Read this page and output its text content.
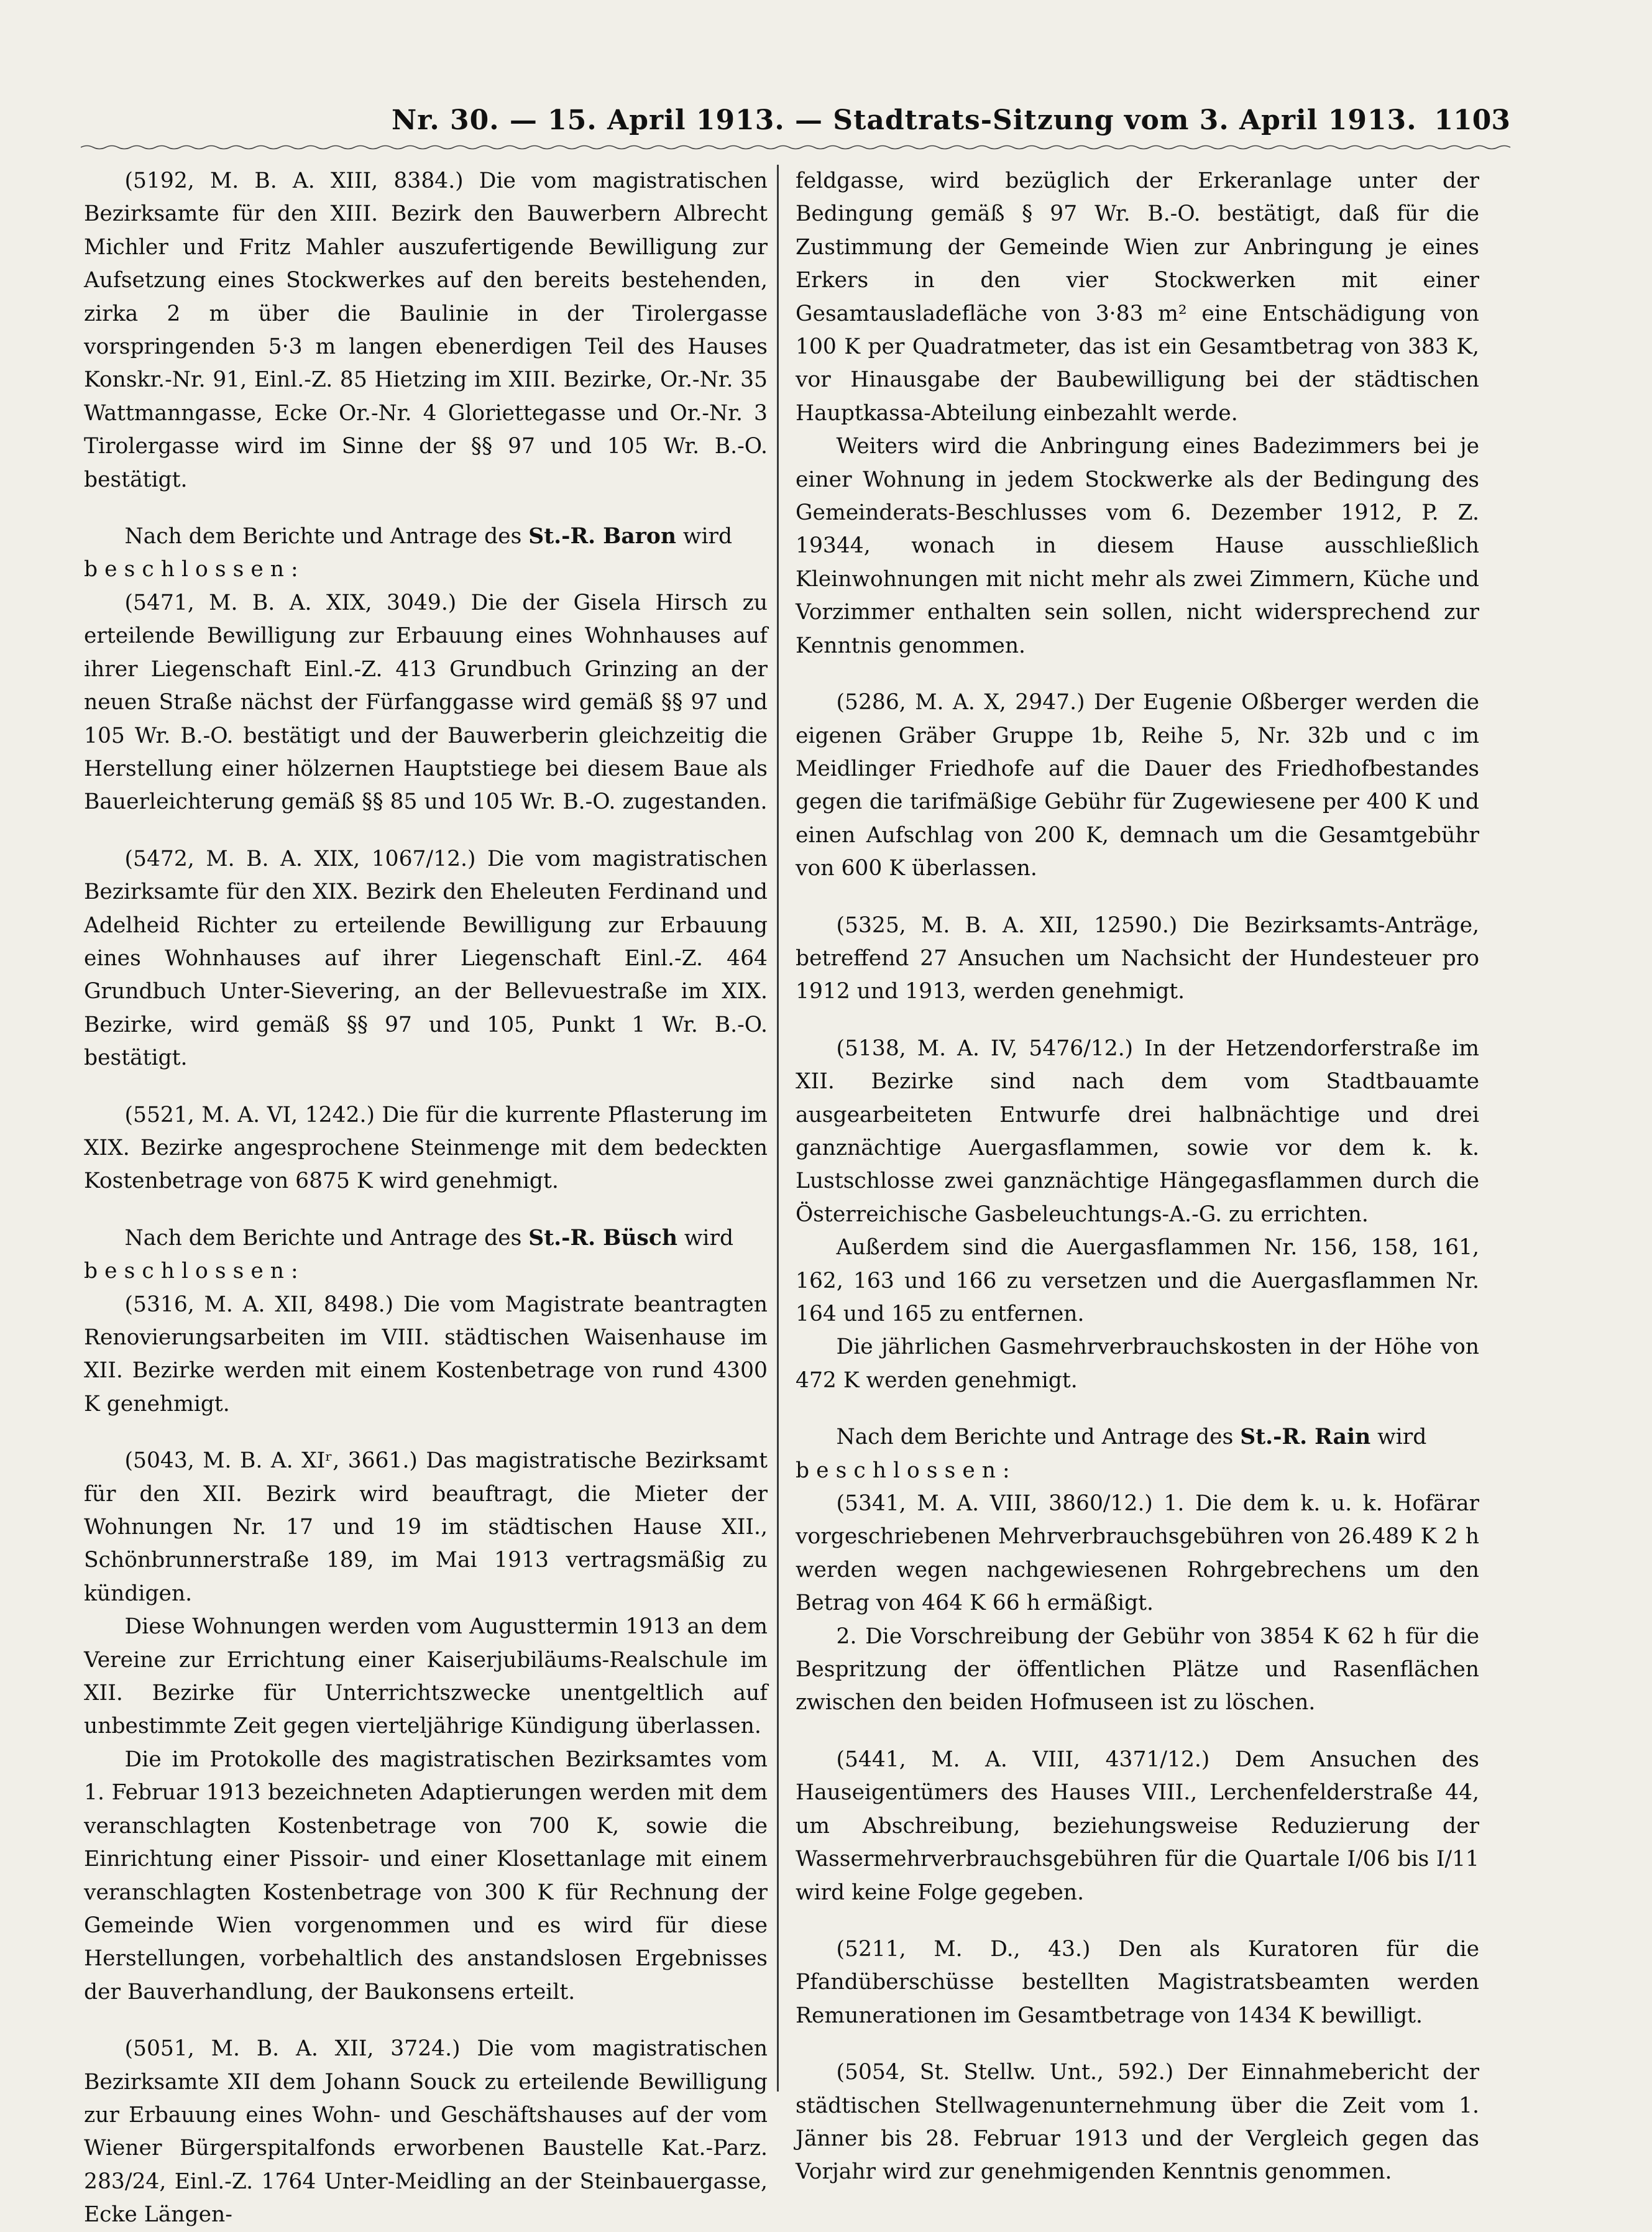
Nr. 30. — 15. April 1913. — Stadtrats-Sitzung vom 3. April 1913. 1103

(5192, M. B. A. XIII, 8384.) Die vom magistratischen Bezirksamte für den XIII. Bezirk den Bauwerbern Albrecht Michler und Fritz Mahler auszufertigende Bewilligung zur Aufsetzung eines Stockwerkes auf den bereits bestehenden, zirka 2 m über die Baulinie in der Tirolergasse vorspringenden 5·3 m langen ebenerdigen Teil des Hauses Konskr.-Nr. 91, Einl.-Z. 85 Hietzing im XIII. Bezirke, Or.-Nr. 35 Wattmanngasse, Ecke Or.-Nr. 4 Gloriettegasse und Or.-Nr. 3 Tirolergasse wird im Sinne der §§ 97 und 105 Wr. B.-O. bestätigt.

Nach dem Berichte und Antrage des St.-R. Baron wird

beschlossen:

(5471, M. B. A. XIX, 3049.) Die der Gisela Hirsch zu erteilende Bewilligung zur Erbauung eines Wohnhauses auf ihrer Liegenschaft Einl.-Z. 413 Grundbuch Grinzing an der neuen Straße nächst der Fürfanggasse wird gemäß §§ 97 und 105 Wr. B.-O. bestätigt und der Bauwerberin gleichzeitig die Herstellung einer hölzernen Hauptstiege bei diesem Baue als Bauerleichterung gemäß §§ 85 und 105 Wr. B.-O. zugestanden.

(5472, M. B. A. XIX, 1067/12.) Die vom magistratischen Bezirksamte für den XIX. Bezirk den Eheleuten Ferdinand und Adelheid Richter zu erteilende Bewilligung zur Erbauung eines Wohnhauses auf ihrer Liegenschaft Einl.-Z. 464 Grundbuch Unter-Sievering, an der Bellevuestraße im XIX. Bezirke, wird gemäß §§ 97 und 105, Punkt 1 Wr. B.-O. bestätigt.

(5521, M. A. VI, 1242.) Die für die kurrente Pflasterung im XIX. Bezirke angesprochene Steinmenge mit dem bedeckten Kostenbetrage von 6875 K wird genehmigt.

Nach dem Berichte und Antrage des St.-R. Büsch wird

beschlossen:

(5316, M. A. XII, 8498.) Die vom Magistrate beantragten Renovierungsarbeiten im VIII. städtischen Waisenhause im XII. Bezirke werden mit einem Kostenbetrage von rund 4300 K genehmigt.

(5043, M. B. A. XIʳ, 3661.) Das magistratische Bezirksamt für den XII. Bezirk wird beauftragt, die Mieter der Wohnungen Nr. 17 und 19 im städtischen Hause XII., Schönbrunnerstraße 189, im Mai 1913 vertragsmäßig zu kündigen.

Diese Wohnungen werden vom Augusttermin 1913 an dem Vereine zur Errichtung einer Kaiserjubiläums-Realschule im XII. Bezirke für Unterrichtszwecke unentgeltlich auf unbestimmte Zeit gegen vierteljährige Kündigung überlassen.

Die im Protokolle des magistratischen Bezirksamtes vom 1. Februar 1913 bezeichneten Adaptierungen werden mit dem veranschlagten Kostenbetrage von 700 K, sowie die Einrichtung einer Pissoir- und einer Klosettanlage mit einem veranschlagten Kostenbetrage von 300 K für Rechnung der Gemeinde Wien vorgenommen und es wird für diese Herstellungen, vorbehaltlich des anstandslosen Ergebnisses der Bauverhandlung, der Baukonsens erteilt.

(5051, M. B. A. XII, 3724.) Die vom magistratischen Bezirksamte XII dem Johann Souck zu erteilende Bewilligung zur Erbauung eines Wohn- und Geschäftshauses auf der vom Wiener Bürgerspitalfonds erworbenen Baustelle Kat.-Parz. 283/24, Einl.-Z. 1764 Unter-Meidling an der Steinbauergasse, Ecke Längen-

feldgasse, wird bezüglich der Erkeranlage unter der Bedingung gemäß § 97 Wr. B.-O. bestätigt, daß für die Zustimmung der Gemeinde Wien zur Anbringung je eines Erkers in den vier Stockwerken mit einer Gesamtausladefläche von 3·83 m² eine Entschädigung von 100 K per Quadratmeter, das ist ein Gesamtbetrag von 383 K, vor Hinausgabe der Baubewilligung bei der städtischen Hauptkassa-Abteilung einbezahlt werde.

Weiters wird die Anbringung eines Badezimmers bei je einer Wohnung in jedem Stockwerke als der Bedingung des Gemeinderats-Beschlusses vom 6. Dezember 1912, P. Z. 19344, wonach in diesem Hause ausschließlich Kleinwohnungen mit nicht mehr als zwei Zimmern, Küche und Vorzimmer enthalten sein sollen, nicht widersprechend zur Kenntnis genommen.

(5286, M. A. X, 2947.) Der Eugenie Oßberger werden die eigenen Gräber Gruppe 1b, Reihe 5, Nr. 32b und c im Meidlinger Friedhofe auf die Dauer des Friedhofbestandes gegen die tarifmäßige Gebühr für Zugewiesene per 400 K und einen Aufschlag von 200 K, demnach um die Gesamtgebühr von 600 K überlassen.

(5325, M. B. A. XII, 12590.) Die Bezirksamts-Anträge, betreffend 27 Ansuchen um Nachsicht der Hundesteuer pro 1912 und 1913, werden genehmigt.

(5138, M. A. IV, 5476/12.) In der Hetzendorferstraße im XII. Bezirke sind nach dem vom Stadtbauamte ausgearbeiteten Entwurfe drei halbnächtige und drei ganznächtige Auergasflammen, sowie vor dem k. k. Lustschlosse zwei ganznächtige Hängegasflammen durch die Österreichische Gasbeleuchtungs-A.-G. zu errichten.

Außerdem sind die Auergasflammen Nr. 156, 158, 161, 162, 163 und 166 zu versetzen und die Auergasflammen Nr. 164 und 165 zu entfernen.

Die jährlichen Gasmehrverbrauchskosten in der Höhe von 472 K werden genehmigt.

Nach dem Berichte und Antrage des St.-R. Rain wird

beschlossen:

(5341, M. A. VIII, 3860/12.) 1. Die dem k. u. k. Hofärar vorgeschriebenen Mehrverbrauchsgebühren von 26.489 K 2 h werden wegen nachgewiesenen Rohrgebrechens um den Betrag von 464 K 66 h ermäßigt.

2. Die Vorschreibung der Gebühr von 3854 K 62 h für die Bespritzung der öffentlichen Plätze und Rasenflächen zwischen den beiden Hofmuseen ist zu löschen.

(5441, M. A. VIII, 4371/12.) Dem Ansuchen des Hauseigentümers des Hauses VIII., Lerchenfelderstraße 44, um Abschreibung, beziehungsweise Reduzierung der Wassermehrverbrauchsgebühren für die Quartale I/06 bis I/11 wird keine Folge gegeben.

(5211, M. D., 43.) Den als Kuratoren für die Pfandüberschüsse bestellten Magistratsbeamten werden Remunerationen im Gesamtbetrage von 1434 K bewilligt.

(5054, St. Stellw. Unt., 592.) Der Einnahmebericht der städtischen Stellwagenunternehmung über die Zeit vom 1. Jänner bis 28. Februar 1913 und der Vergleich gegen das Vorjahr wird zur genehmigenden Kenntnis genommen.
